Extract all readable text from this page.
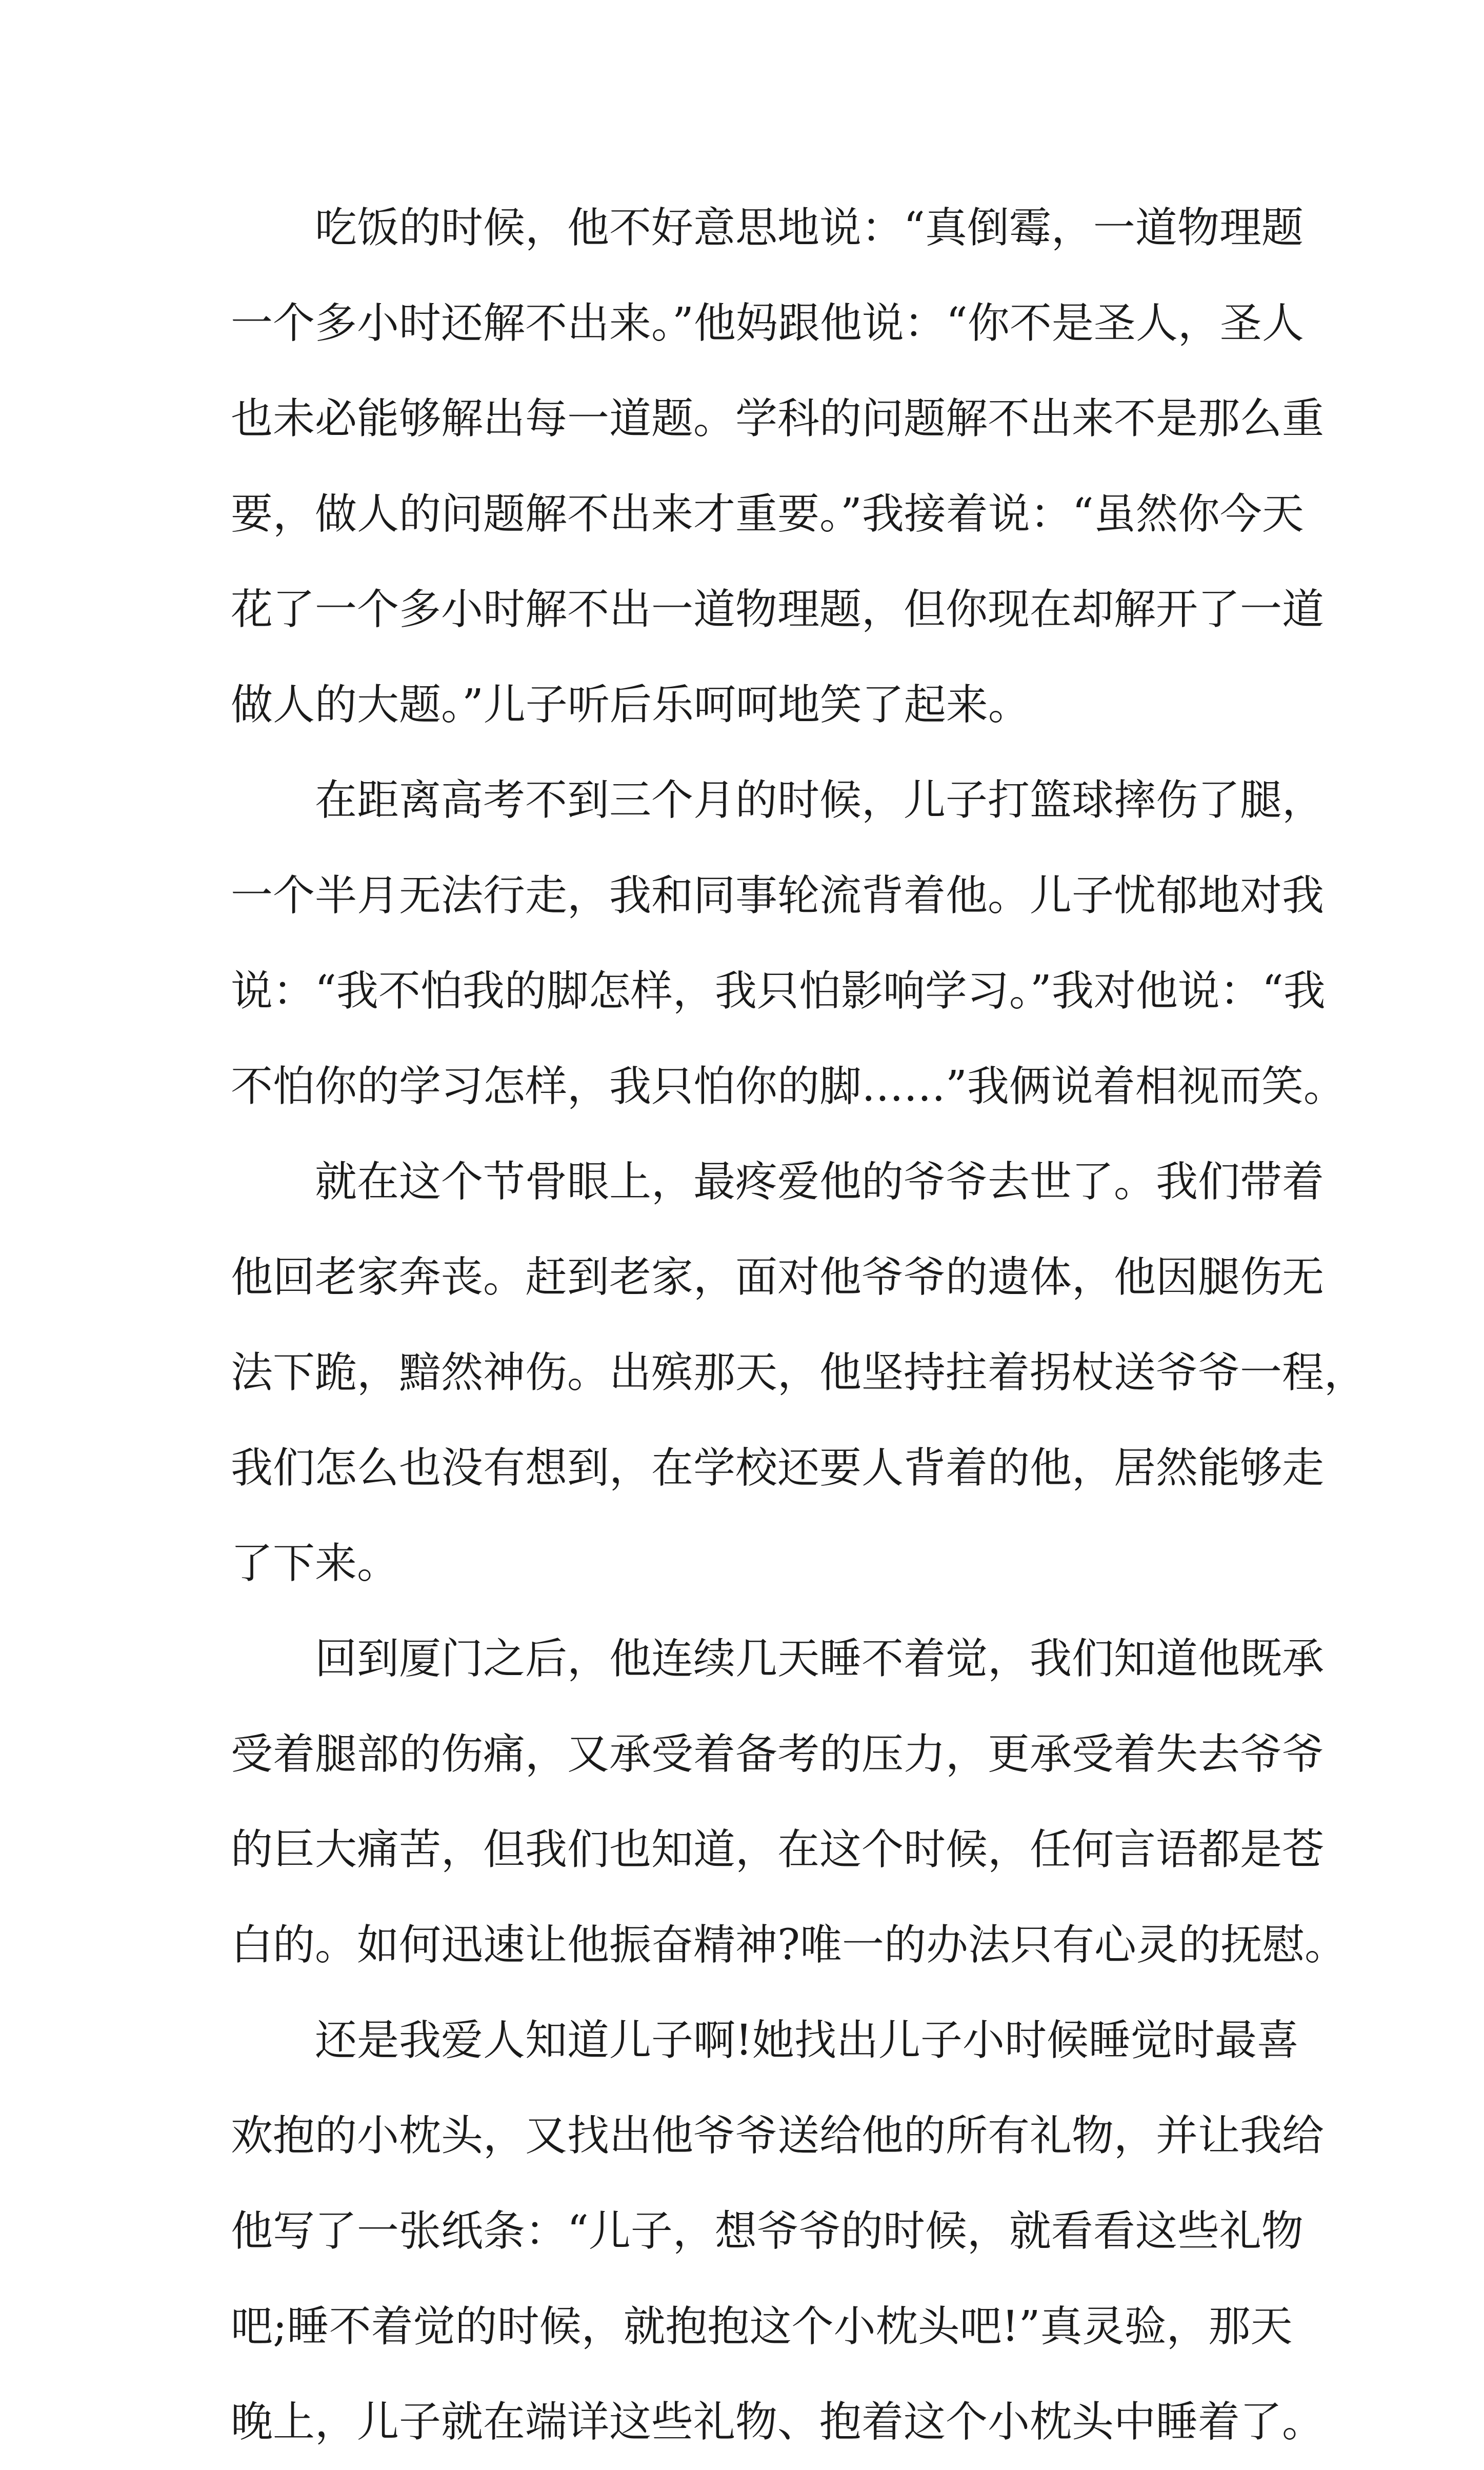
吃饭的时候，他不好意思地说：“真倒霉，一道物理题
一个多小时还解不出来。”他妈跟他说：“你不是圣人，圣人
也未必能够解出每一道题。学科的问题解不出来不是那么重
要，做人的问题解不出来才重要。”我接着说：“虽然你今天
花了一个多小时解不出一道物理题，但你现在却解开了一道
做人的大题。”儿子听后乐呵呵地笑了起来。
在距离高考不到三个月的时候，儿子打篮球摔伤了腿，
一个半月无法行走，我和同事轮流背着他。儿子忧郁地对我
说：“我不怕我的脚怎样，我只怕影响学习。”我对他说：“我
不怕你的学习怎样，我只怕你的脚……”我俩说着相视而笑。
就在这个节骨眼上，最疼爱他的爷爷去世了。我们带着
他回老家奔丧。赶到老家，面对他爷爷的遗体，他因腿伤无
法下跪，黯然神伤。出殡那天，他坚持拄着拐杖送爷爷一程，
我们怎么也没有想到，在学校还要人背着的他，居然能够走
了下来。
回到厦门之后，他连续几天睡不着觉，我们知道他既承
受着腿部的伤痛，又承受着备考的压力，更承受着失去爷爷
的巨大痛苦，但我们也知道，在这个时候，任何言语都是苍
白的。如何迅速让他振奋精神?唯一的办法只有心灵的抚慰。
还是我爱人知道儿子啊!她找出儿子小时候睡觉时最喜
欢抱的小枕头，又找出他爷爷送给他的所有礼物，并让我给
他写了一张纸条：“儿子，想爷爷的时候，就看看这些礼物
吧;睡不着觉的时候，就抱抱这个小枕头吧!”真灵验，那天
晚上，儿子就在端详这些礼物、抱着这个小枕头中睡着了。
